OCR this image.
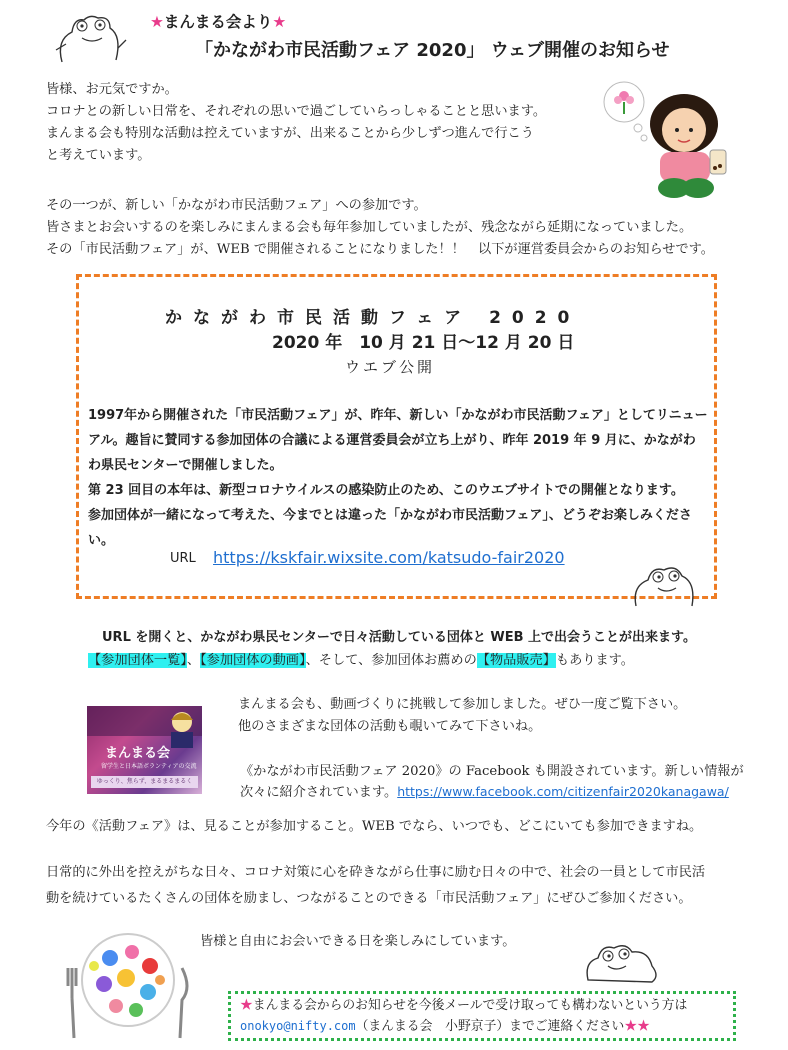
★まんまる会より★
「かながわ市民活動フェア 2020」 ウェブ開催のお知らせ
皆様、お元気ですか。
コロナとの新しい日常を、それぞれの思いで過ごしていらっしゃることと思います。
まんまる会も特別な活動は控えていますが、出来ることから少しずつ進んで行こう
と考えています。
その一つが、新しい「かながわ市民活動フェア」への参加です。
皆さまとお会いするのを楽しみにまんまる会も毎年参加していましたが、残念ながら延期になっていました。
その「市民活動フェア」が、WEB で開催されることになりました！！　以下が運営委員会からのお知らせです。
かながわ市民活動フェア 2020
2020 年　10 月 21 日～12 月 20 日
ウエブ公開
1997年から開催された「市民活動フェア」が、昨年、新しい「かながわ市民活動フェア」としてリニュー
アル。趣旨に賛同する参加団体の合議による運営委員会が立ち上がり、昨年 2019 年 9 月に、かながわ
わ県民センターで開催しました。
第 23 回目の本年は、新型コロナウイルスの感染防止のため、このウエブサイトでの開催となります。
参加団体が一緒になって考えた、今までとは違った「かながわ市民活動フェア」、どうぞお楽しみくださ
い。
URL https://kskfair.wixsite.com/katsudo-fair2020
URL を開くと、かながわ県民センターで日々活動している団体と WEB 上で出会うことが出来ます。
【参加団体一覧】、【参加団体の動画】、そして、参加団体お薦めの【物品販売】もあります。
まんまる会
留学生と日本語ボランティアの交流
ゆっくり、焦らず、まるまるまるく
まんまる会も、動画づくりに挑戦して参加しました。ぜひ一度ご覧下さい。
他のさまざまな団体の活動も覗いてみて下さいね。
《かながわ市民活動フェア 2020》の Facebook も開設されています。新しい情報が
次々に紹介されています。https://www.facebook.com/citizenfair2020kanagawa/
今年の《活動フェア》は、見ることが参加すること。WEB でなら、いつでも、どこにいても参加できますね。
日常的に外出を控えがちな日々、コロナ対策に心を砕きながら仕事に励む日々の中で、社会の一員として市民活
動を続けているたくさんの団体を励まし、つながることのできる「市民活動フェア」にぜひご参加ください。
皆様と自由にお会いできる日を楽しみにしています。
★まんまる会からのお知らせを今後メールで受け取っても構わないという方は
onokyo@nifty.com（まんまる会　小野京子）までご連絡ください★★
